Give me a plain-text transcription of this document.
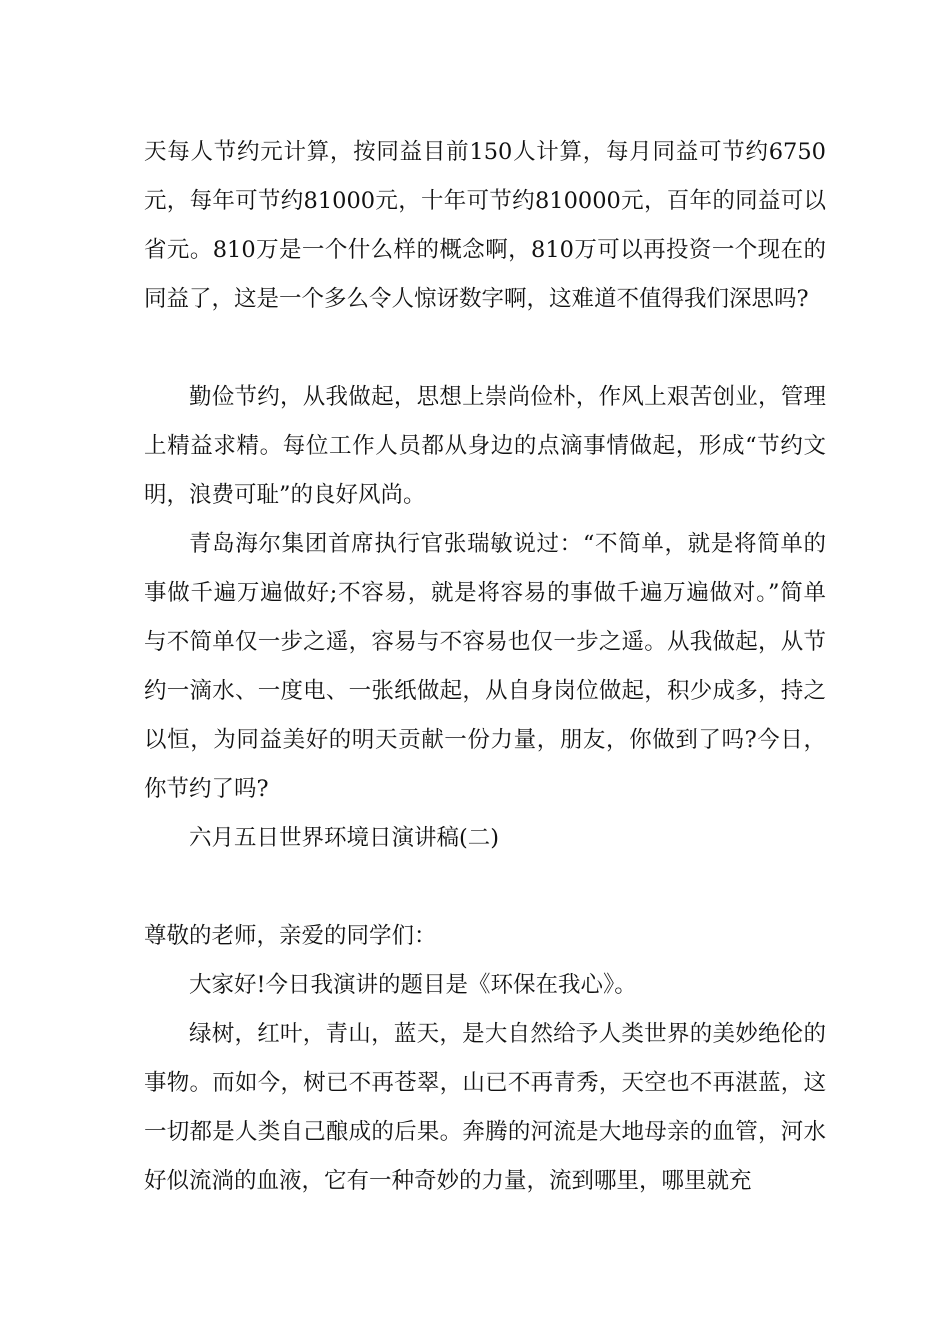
天每人节约元计算，按同益目前150人计算，每月同益可节约6750元，每年可节约81000元，十年可节约810000元，百年的同益可以省元。810万是一个什么样的概念啊，810万可以再投资一个现在的同益了，这是一个多么令人惊讶数字啊，这难道不值得我们深思吗?

勤俭节约，从我做起，思想上崇尚俭朴，作风上艰苦创业，管理上精益求精。每位工作人员都从身边的点滴事情做起，形成“节约文明，浪费可耻”的良好风尚。

青岛海尔集团首席执行官张瑞敏说过：“不简单，就是将简单的事做千遍万遍做好;不容易，就是将容易的事做千遍万遍做对。”简单与不简单仅一步之遥，容易与不容易也仅一步之遥。从我做起，从节约一滴水、一度电、一张纸做起，从自身岗位做起，积少成多，持之以恒，为同益美好的明天贡献一份力量，朋友，你做到了吗?今日，你节约了吗?

六月五日世界环境日演讲稿(二)

尊敬的老师，亲爱的同学们：

大家好!今日我演讲的题目是《环保在我心》。

绿树，红叶，青山，蓝天，是大自然给予人类世界的美妙绝伦的事物。而如今，树已不再苍翠，山已不再青秀，天空也不再湛蓝，这一切都是人类自己酿成的后果。奔腾的河流是大地母亲的血管，河水好似流淌的血液，它有一种奇妙的力量，流到哪里，哪里就充
